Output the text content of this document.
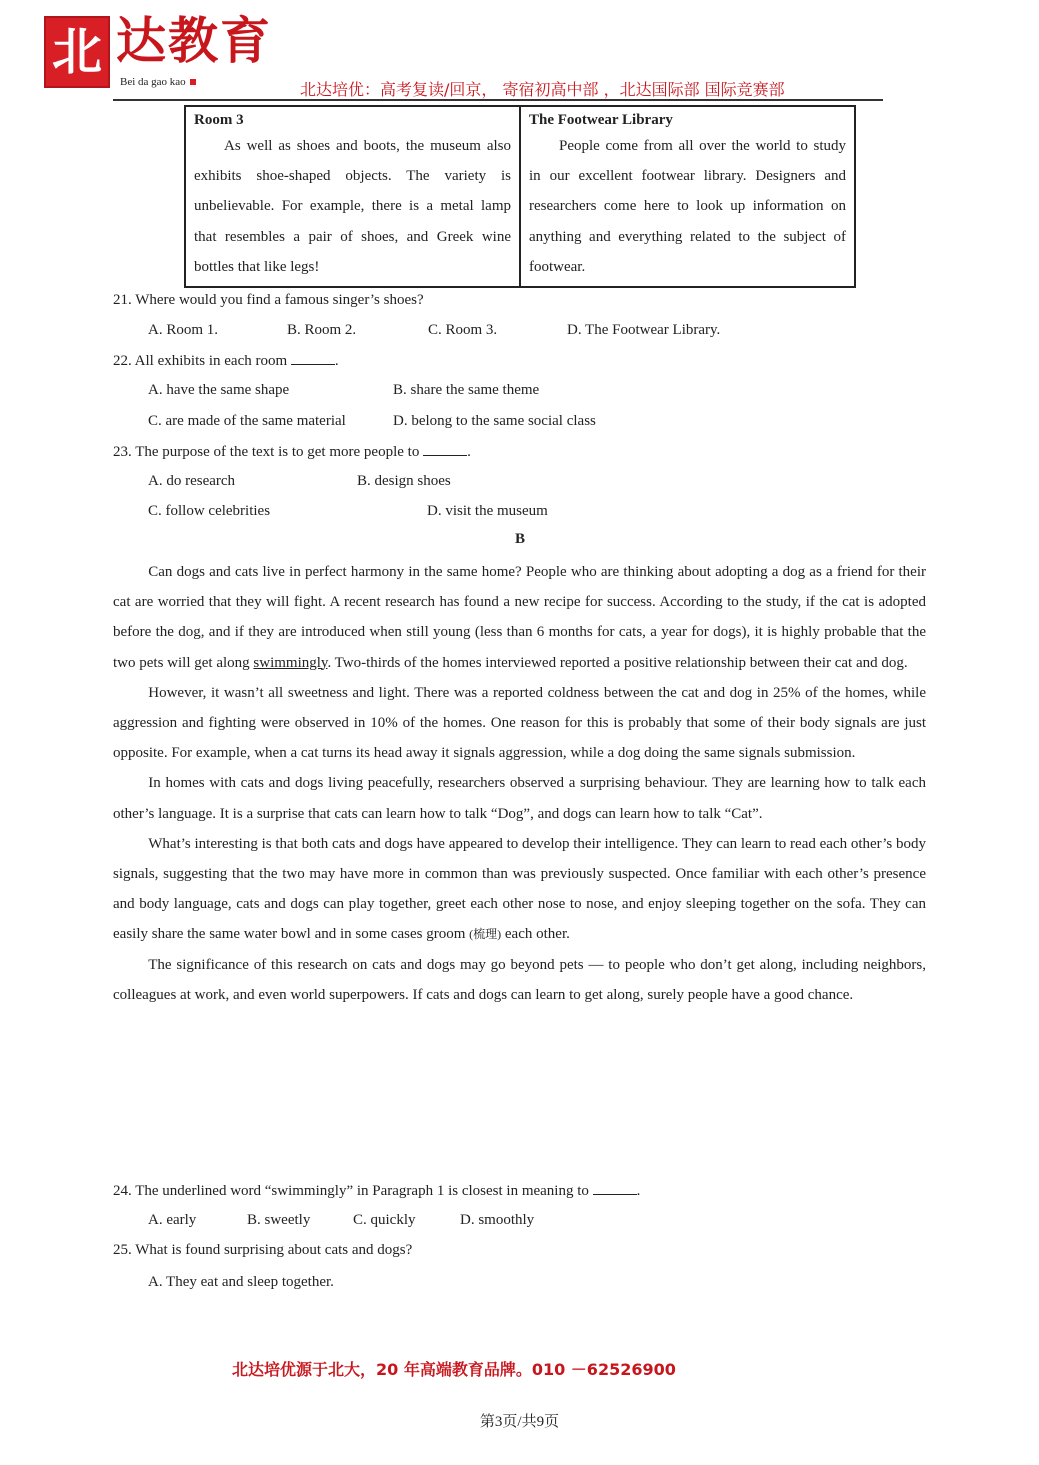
北 达教育
Bei da gao kao	北达培优：高考复读/回京， 寄宿初高中部 ，北达国际部 国际竞赛部
Room 3
As well as shoes and boots, the museum also exhibits shoe-shaped objects. The variety is unbelievable. For example, there is a metal lamp that resembles a pair of shoes, and Greek wine bottles that like legs!

The Footwear Library
People come from all over the world to study in our excellent footwear library. Designers and researchers come here to look up information on anything and everything related to the subject of footwear.
21. Where would you find a famous singer’s shoes?
A. Room 1.	B. Room 2.	C. Room 3.	D. The Footwear Library.
22. All exhibits in each room	.
A. have the same shape	B. share the same theme
C. are made of the same material	D. belong to the same social class
23. The purpose of the text is to get more people to	.
A. do research	B. design shoes
C. follow celebrities	D. visit the museum
B

Can dogs and cats live in perfect harmony in the same home? People who are thinking about adopting a dog as a friend for their cat are worried that they will fight. A recent research has found a new recipe for success. According to the study, if the cat is adopted before the dog, and if they are introduced when still young (less than 6 months for cats, a year for dogs), it is highly probable that the two pets will get along swimmingly. Two-thirds of the homes interviewed reported a positive relationship between their cat and dog.

However, it wasn’t all sweetness and light. There was a reported coldness between the cat and dog in 25% of the homes, while aggression and fighting were observed in 10% of the homes. One reason for this is probably that some of their body signals are just opposite. For example, when a cat turns its head away it signals aggression, while a dog doing the same signals submission.

In homes with cats and dogs living peacefully, researchers observed a surprising behaviour. They are learning how to talk each other’s language. It is a surprise that cats can learn how to talk “Dog”, and dogs can learn how to talk “Cat”.

What’s interesting is that both cats and dogs have appeared to develop their intelligence. They can learn to read each other’s body signals, suggesting that the two may have more in common than was previously suspected. Once familiar with each other’s presence and body language, cats and dogs can play together, greet each other nose to nose, and enjoy sleeping together on the sofa. They can easily share the same water bowl and in some cases groom (梳理) each other.

The significance of this research on cats and dogs may go beyond pets — to people who don’t get along, including neighbors, colleagues at work, and even world superpowers. If cats and dogs can learn to get along, surely people have a good chance.

24. The underlined word “swimmingly” in Paragraph 1 is closest in meaning to	.
A. early	B. sweetly	C. quickly	D. smoothly
25. What is found surprising about cats and dogs?
A. They eat and sleep together.
北达培优源于北大，20 年高端教育品牌。010 －62526900
第3页/共9页
